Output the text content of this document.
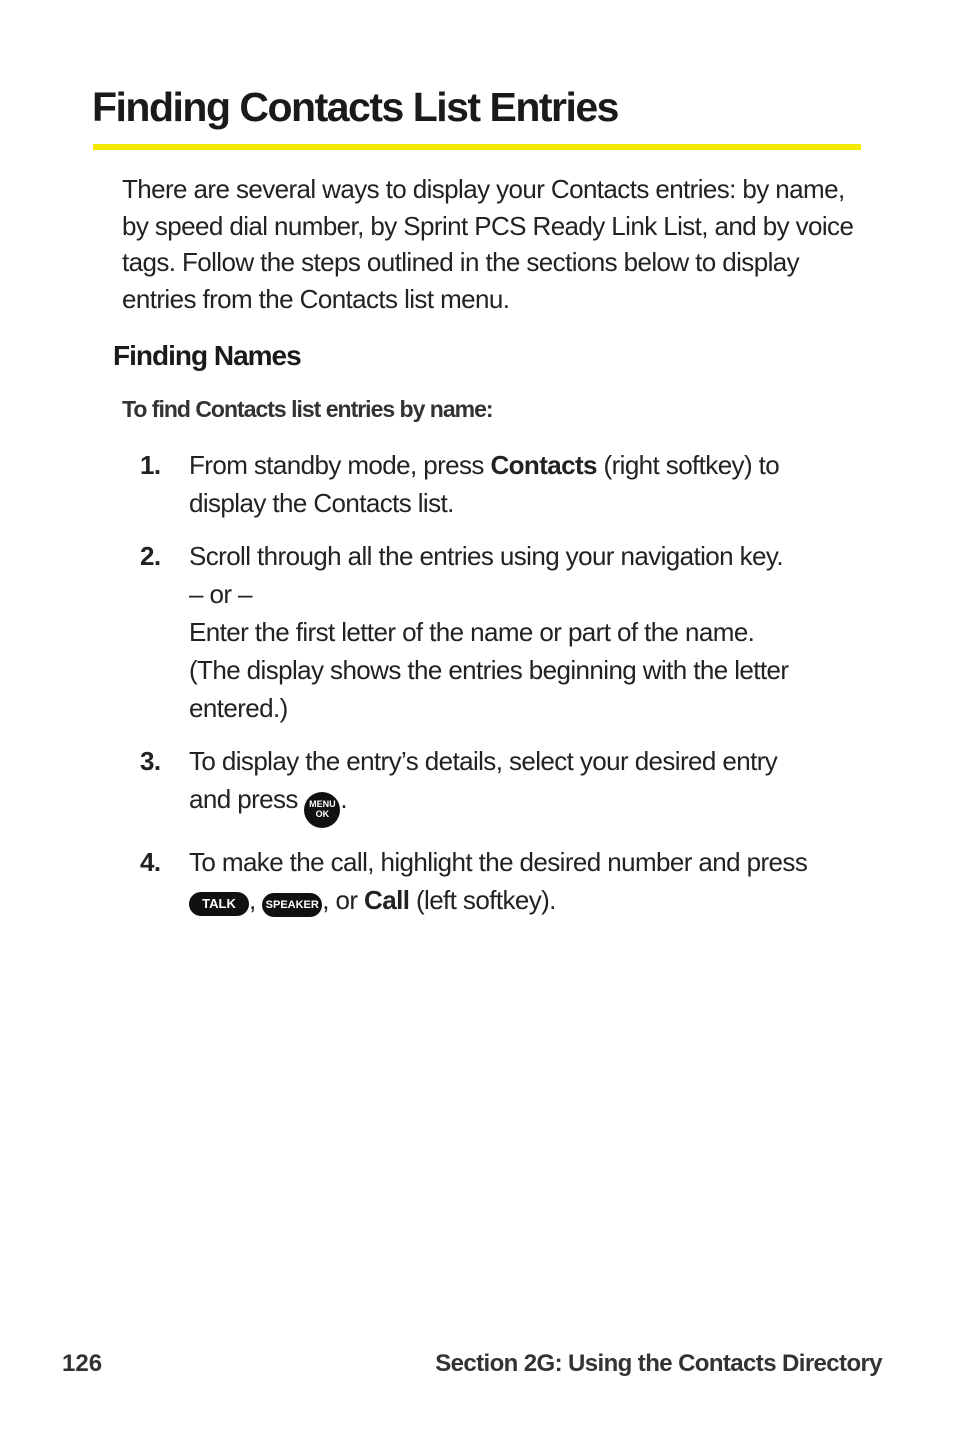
Finding Contacts List Entries

There are several ways to display your Contacts entries: by name, by speed dial number, by Sprint PCS Ready Link List, and by voice tags. Follow the steps outlined in the sections below to display entries from the Contacts list menu.

Finding Names
To find Contacts list entries by name:
1. From standby mode, press Contacts (right softkey) to
display the Contacts list.
2. Scroll through all the entries using your navigation key.
– or –
Enter the first letter of the name or part of the name.
(The display shows the entries beginning with the letter
entered.)
3. To display the entry’s details, select your desired entry
and press MENU
OK .
4. To make the call, highlight the desired number and press
TALK , SPEAKER , or Call (left softkey).
126	Section 2G: Using the Contacts Directory
